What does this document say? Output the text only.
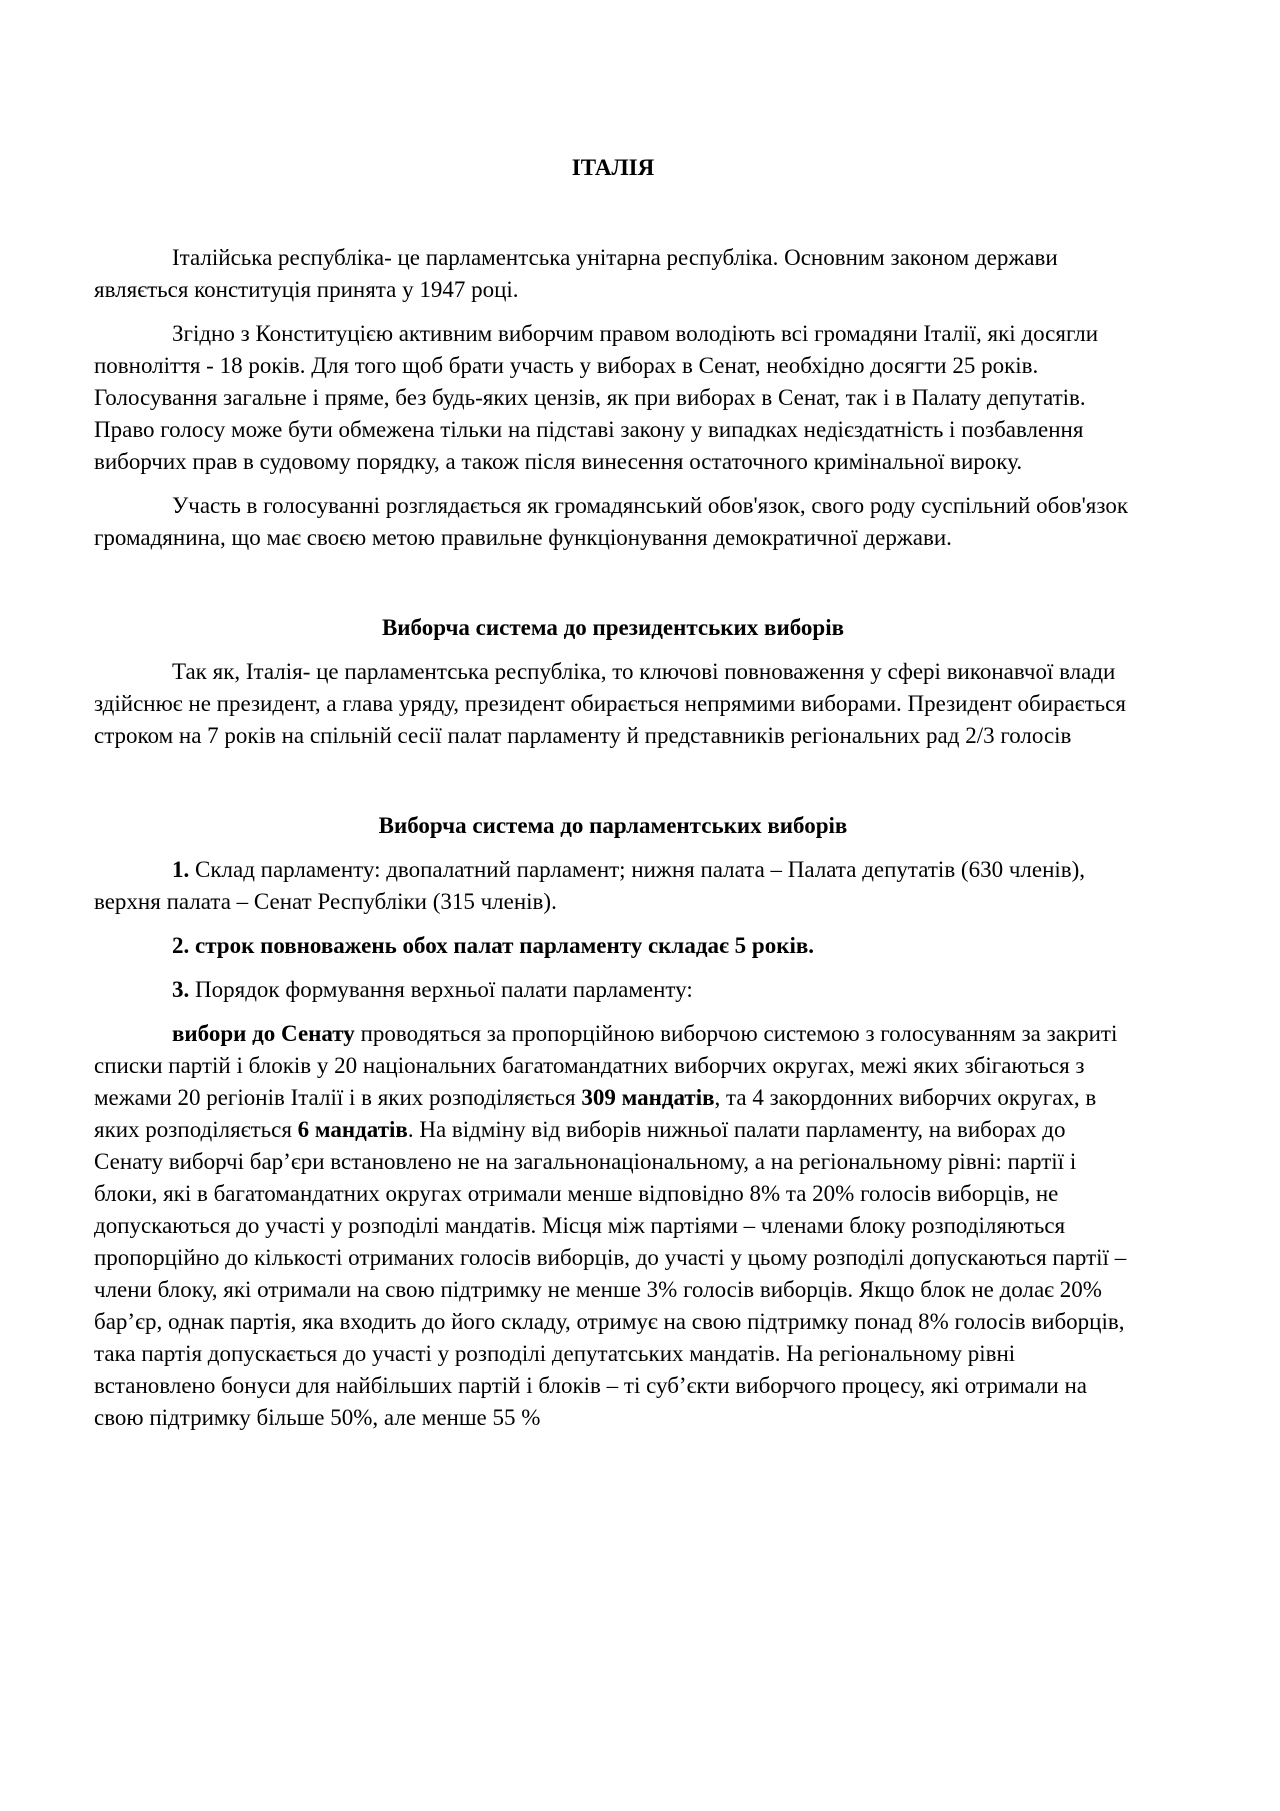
ІТАЛІЯ

Італійська республіка- це парламентська унітарна республіка. Основним законом держави являється конституція принята у 1947 році.

Згідно з Конституцією активним виборчим правом володіють всі громадяни Італії, які досягли повноліття - 18 років. Для того щоб брати участь у виборах в Сенат, необхідно досягти 25 років. Голосування загальне і пряме, без будь-яких цензів, як при виборах в Сенат, так і в Палату депутатів. Право голосу може бути обмежена тільки на підставі закону у випадках недієздатність і позбавлення виборчих прав в судовому порядку, а також після винесення остаточного кримінальної вироку.

Участь в голосуванні розглядається як громадянський обов'язок, свого роду суспільний обов'язок громадянина, що має своєю метою правильне функціонування демократичної держави.

Виборча система до президентських виборів

Так як, Італія- це парламентська республіка, то ключові повноваження у сфері виконавчої влади здійснює не президент, а глава уряду, президент обирається непрямими виборами. Президент обирається строком на 7 років на спільній сесії палат парламенту й представників регіональних рад 2/3 голосів

Виборча система до парламентських виборів

1. Склад парламенту: двопалатний парламент; нижня палата – Палата депутатів (630 членів), верхня палата – Сенат Республіки (315 членів).

2. строк повноважень обох палат парламенту складає 5 років.

3. Порядок формування верхньої палати парламенту:

вибори до Сенату проводяться за пропорційною виборчою системою з голосуванням за закриті списки партій і блоків у 20 національних багатомандатних виборчих округах, межі яких збігаються з межами 20 регіонів Італії і в яких розподіляється 309 мандатів, та 4 закордонних виборчих округах, в яких розподіляється 6 мандатів. На відміну від виборів нижньої палати парламенту, на виборах до Сенату виборчі бар’єри встановлено не на загальнонаціональному, а на регіональному рівні: партії і блоки, які в багатомандатних округах отримали менше відповідно 8% та 20% голосів виборців, не допускаються до участі у розподілі мандатів. Місця між партіями – членами блоку розподіляються пропорційно до кількості отриманих голосів виборців, до участі у цьому розподілі допускаються партії – члени блоку, які отримали на свою підтримку не менше 3% голосів виборців. Якщо блок не долає 20% бар’єр, однак партія, яка входить до його складу, отримує на свою підтримку понад 8% голосів виборців, така партія допускається до участі у розподілі депутатських мандатів. На регіональному рівні встановлено бонуси для найбільших партій і блоків – ті суб’єкти виборчого процесу, які отримали на свою підтримку більше 50%, але менше 55 %
